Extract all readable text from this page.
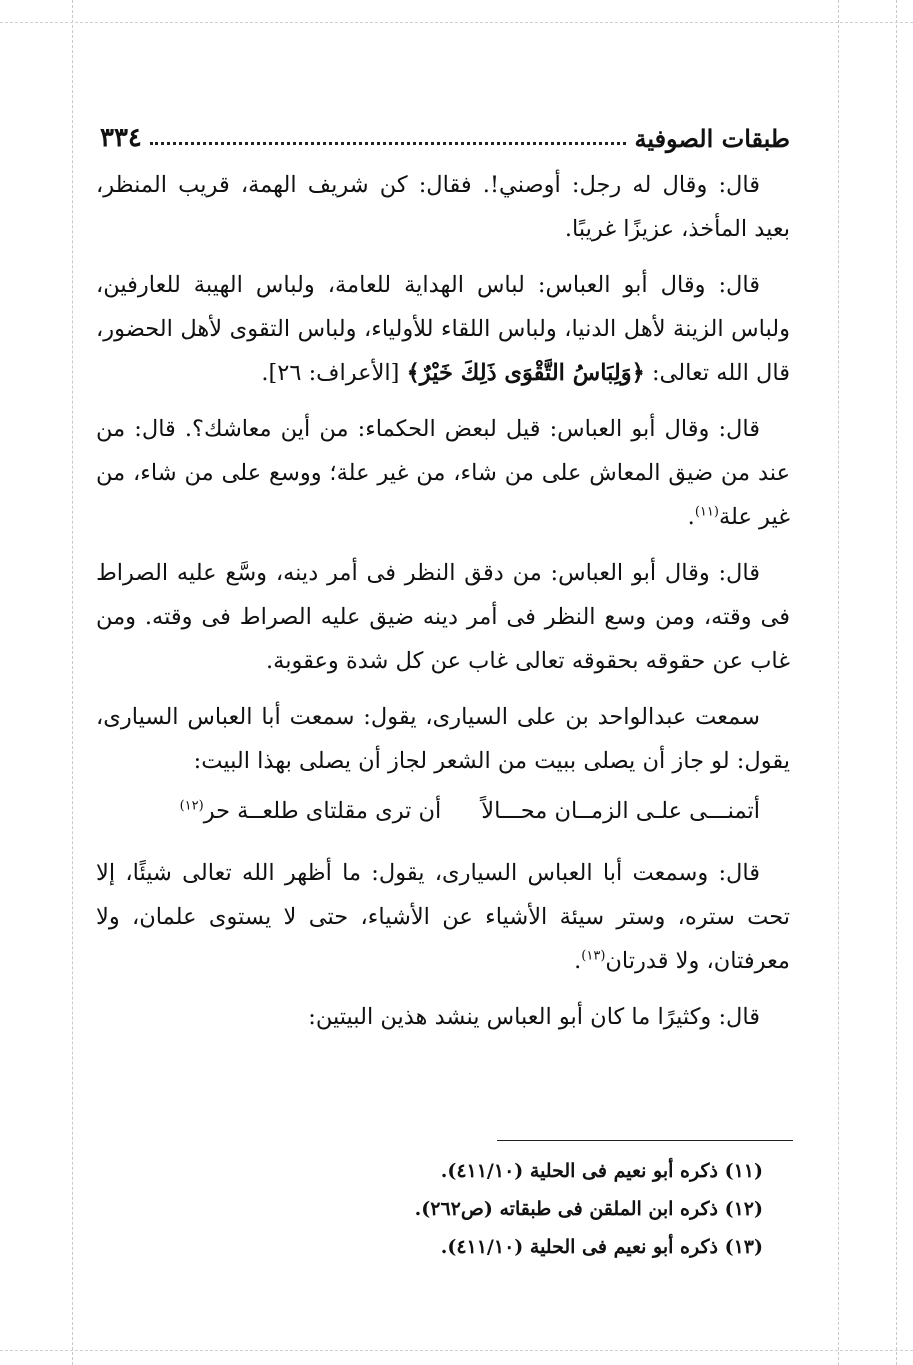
طبقات الصوفية
٣٣٤

قال: وقال له رجل: أوصني!. فقال: كن شريف الهمة، قريب المنظر، بعيد المأخذ، عزيزًا غريبًا.

قال: وقال أبو العباس: لباس الهداية للعامة، ولباس الهيبة للعارفين، ولباس الزينة لأهل الدنيا، ولباس اللقاء للأولياء، ولباس التقوى لأهل الحضور، قال الله تعالى: ﴿وَلِبَاسُ التَّقْوَى ذَلِكَ خَيْرٌ﴾ [الأعراف: ٢٦].

قال: وقال أبو العباس: قيل لبعض الحكماء: من أين معاشك؟. قال: من عند من ضيق المعاش على من شاء، من غير علة؛ ووسع على من شاء، من غير علة$^{(١١)}$.

قال: وقال أبو العباس: من دقق النظر فى أمر دينه، وسَّع عليه الصراط فى وقته، ومن وسع النظر فى أمر دينه ضيق عليه الصراط فى وقته. ومن غاب عن حقوقه بحقوقه تعالى غاب عن كل شدة وعقوبة.

سمعت عبدالواحد بن على السيارى، يقول: سمعت أبا العباس السيارى، يقول: لو جاز أن يصلى ببيت من الشعر لجاز أن يصلى بهذا البيت:

أتمنـــى علـى الزمــان محـــالاً
أن ترى مقلتاى طلعــة حر$^{(١٢)}$

قال: وسمعت أبا العباس السيارى، يقول: ما أظهر الله تعالى شيئًا، إلا تحت ستره، وستر سيئة الأشياء عن الأشياء، حتى لا يستوى علمان، ولا معرفتان، ولا قدرتان$^{(١٣)}$.

قال: وكثيرًا ما كان أبو العباس ينشد هذين البيتين:

(١١) ذكره أبو نعيم فى الحلية (٤١١/١٠).
(١٢) ذكره ابن الملقن فى طبقاته (ص٢٦٢).
(١٣) ذكره أبو نعيم فى الحلية (٤١١/١٠).
